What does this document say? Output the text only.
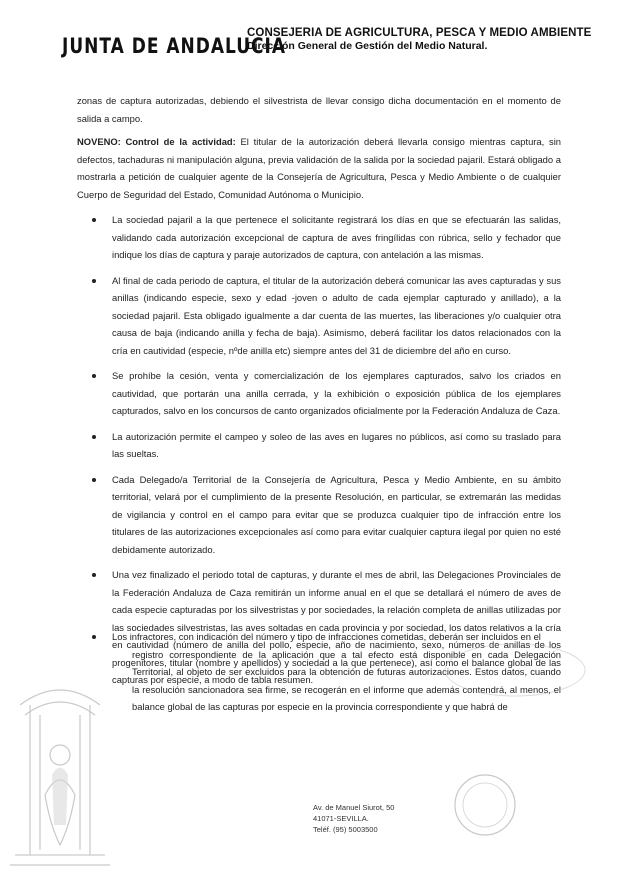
JUNTA DE ANDALUCIA
CONSEJERIA DE AGRICULTURA, PESCA Y MEDIO AMBIENTE
Dirección General de Gestión del Medio Natural.

zonas de captura autorizadas, debiendo el silvestrista de llevar consigo dicha documentación en el momento de salida a campo.

NOVENO: Control de la actividad: El titular de la autorización deberá llevarla consigo mientras captura, sin defectos, tachaduras ni manipulación alguna, previa validación de la salida por la sociedad pajaril. Estará obligado a mostrarla a petición de cualquier agente de la Consejería de Agricultura, Pesca y Medio Ambiente o de cualquier Cuerpo de Seguridad del Estado, Comunidad Autónoma o Municipio.

La sociedad pajaril a la que pertenece el solicitante registrará los días en que se efectuarán las salidas, validando cada autorización excepcional de captura de aves fringílidas con rúbrica, sello y fechador que indique los días de captura y paraje autorizados de captura, con antelación a las mismas.
Al final de cada periodo de captura, el titular de la autorización deberá comunicar las aves capturadas y sus anillas (indicando especie, sexo y edad -joven o adulto de cada ejemplar capturado y anillado), a la sociedad pajaril. Esta obligado igualmente a dar cuenta de las muertes, las liberaciones y/o cualquier otra causa de baja (indicando anilla y fecha de baja). Asimismo, deberá facilitar los datos relacionados con la cría en cautividad (especie, nºde anilla etc) siempre antes del 31 de diciembre del año en curso.
Se prohíbe la cesión, venta y comercialización de los ejemplares capturados, salvo los criados en cautividad, que portarán una anilla cerrada, y la exhibición o exposición pública de los ejemplares capturados, salvo en los concursos de canto organizados oficialmente por la Federación Andaluza de Caza.
La autorización permite el campeo y soleo de las aves en lugares no públicos, así como su traslado para las sueltas.
Cada Delegado/a Territorial de la Consejería de Agricultura, Pesca y Medio Ambiente, en su ámbito territorial, velará por el cumplimiento de la presente Resolución, en particular, se extremarán las medidas de vigilancia y control en el campo para evitar que se produzca cualquier tipo de infracción entre los titulares de las autorizaciones excepcionales así como para evitar cualquier captura ilegal por quien no esté debidamente autorizado.
Una vez finalizado el periodo total de capturas, y durante el mes de abril, las Delegaciones Provinciales de la Federación Andaluza de Caza remitirán un informe anual en el que se detallará el número de aves de cada especie capturadas por los silvestristas y por sociedades, la relación completa de anillas utilizadas por las sociedades silvestristas, las aves soltadas en cada provincia y por sociedad, los datos relativos a la cría en cautividad (número de anilla del pollo, especie, año de nacimiento, sexo, números de anillas de los progenitores, titular (nombre y apellidos) y sociedad a la que pertenece), así como el balance global de las capturas por especie, a modo de tabla resumen.
Los infractores, con indicación del número y tipo de infracciones cometidas, deberán ser incluidos en el
registro correspondiente de la aplicación que a tal efecto está disponible en cada Delegación Territorial, al objeto de ser excluidos para la obtención de futuras autorizaciones. Estos datos, cuando la resolución sancionadora sea firme, se recogerán en el informe que además contendrá, al menos, el balance global de las capturas por especie en la provincia correspondiente y que habrá de
Av. de Manuel Siurot, 50
41071-SEVILLA.
Teléf. (95) 5003500
